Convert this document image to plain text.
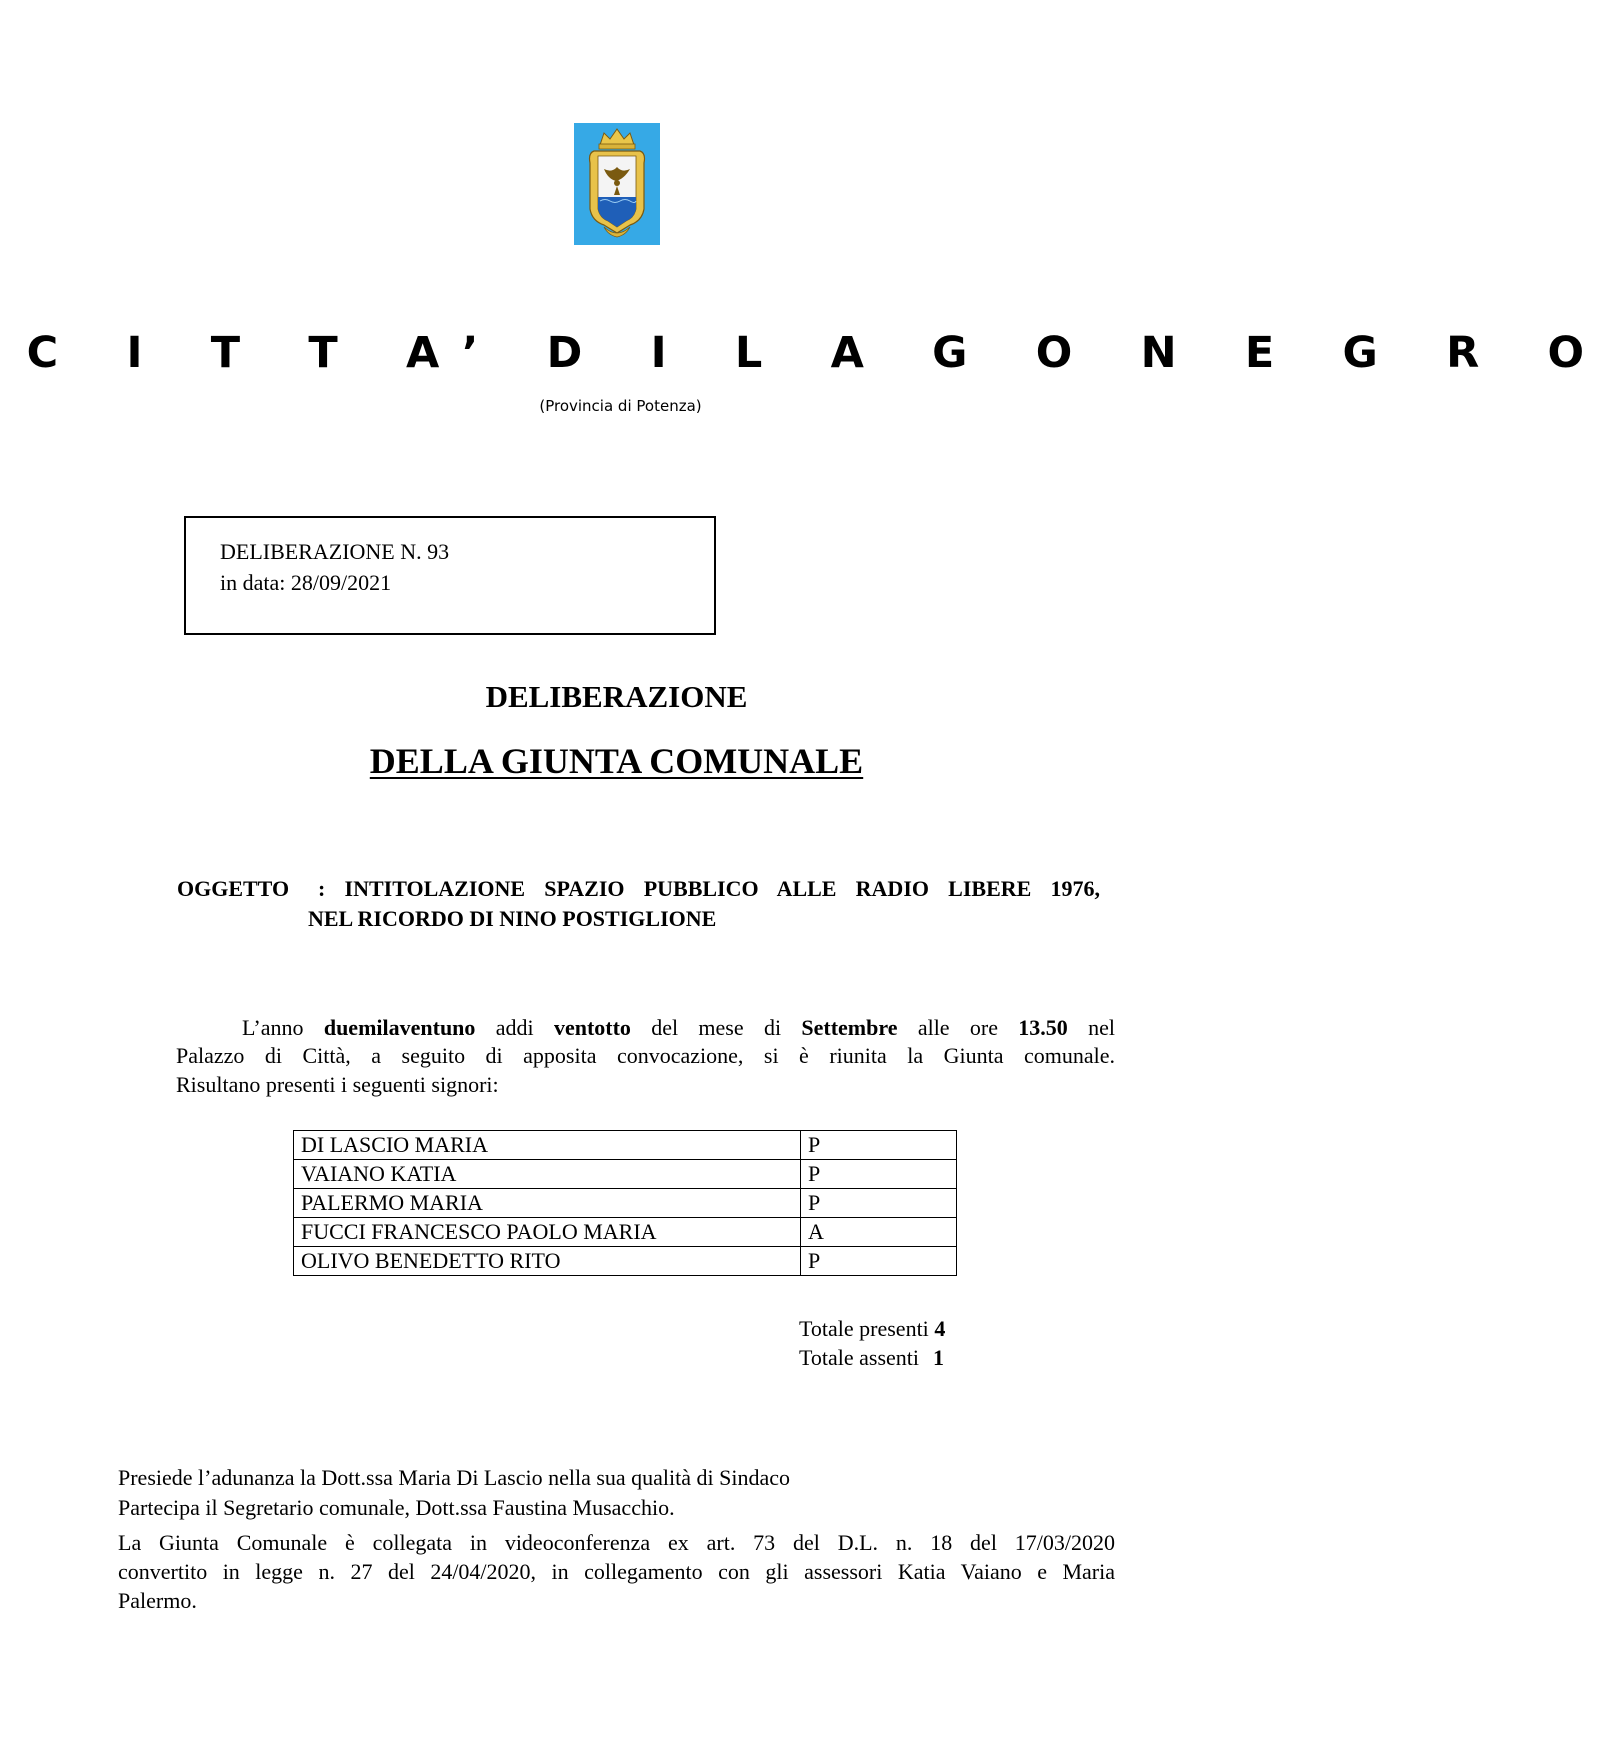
C I T T A’ D I L A G O N E G R O
(Provincia di Potenza)
DELIBERAZIONE N. 93
in data: 28/09/2021
DELIBERAZIONE
DELLA GIUNTA COMUNALE
OGGETTO : INTITOLAZIONE SPAZIO PUBBLICO ALLE RADIO LIBERE 1976,
NEL RICORDO DI NINO POSTIGLIONE
L’anno duemilaventuno addi ventotto del mese di Settembre alle ore 13.50 nel
Palazzo di Città, a seguito di apposita convocazione, si è riunita la Giunta comunale.
Risultano presenti i seguenti signori:
DI LASCIO MARIA	P
VAIANO KATIA	P
PALERMO MARIA	P
FUCCI FRANCESCO PAOLO MARIA	A
OLIVO BENEDETTO RITO	P
Totale presenti 4
Totale assenti 1
Presiede l’adunanza la Dott.ssa Maria Di Lascio nella sua qualità di Sindaco
Partecipa il Segretario comunale, Dott.ssa Faustina Musacchio.
La Giunta Comunale è collegata in videoconferenza ex art. 73 del D.L. n. 18 del 17/03/2020
convertito in legge n. 27 del 24/04/2020, in collegamento con gli assessori Katia Vaiano e Maria
Palermo.
